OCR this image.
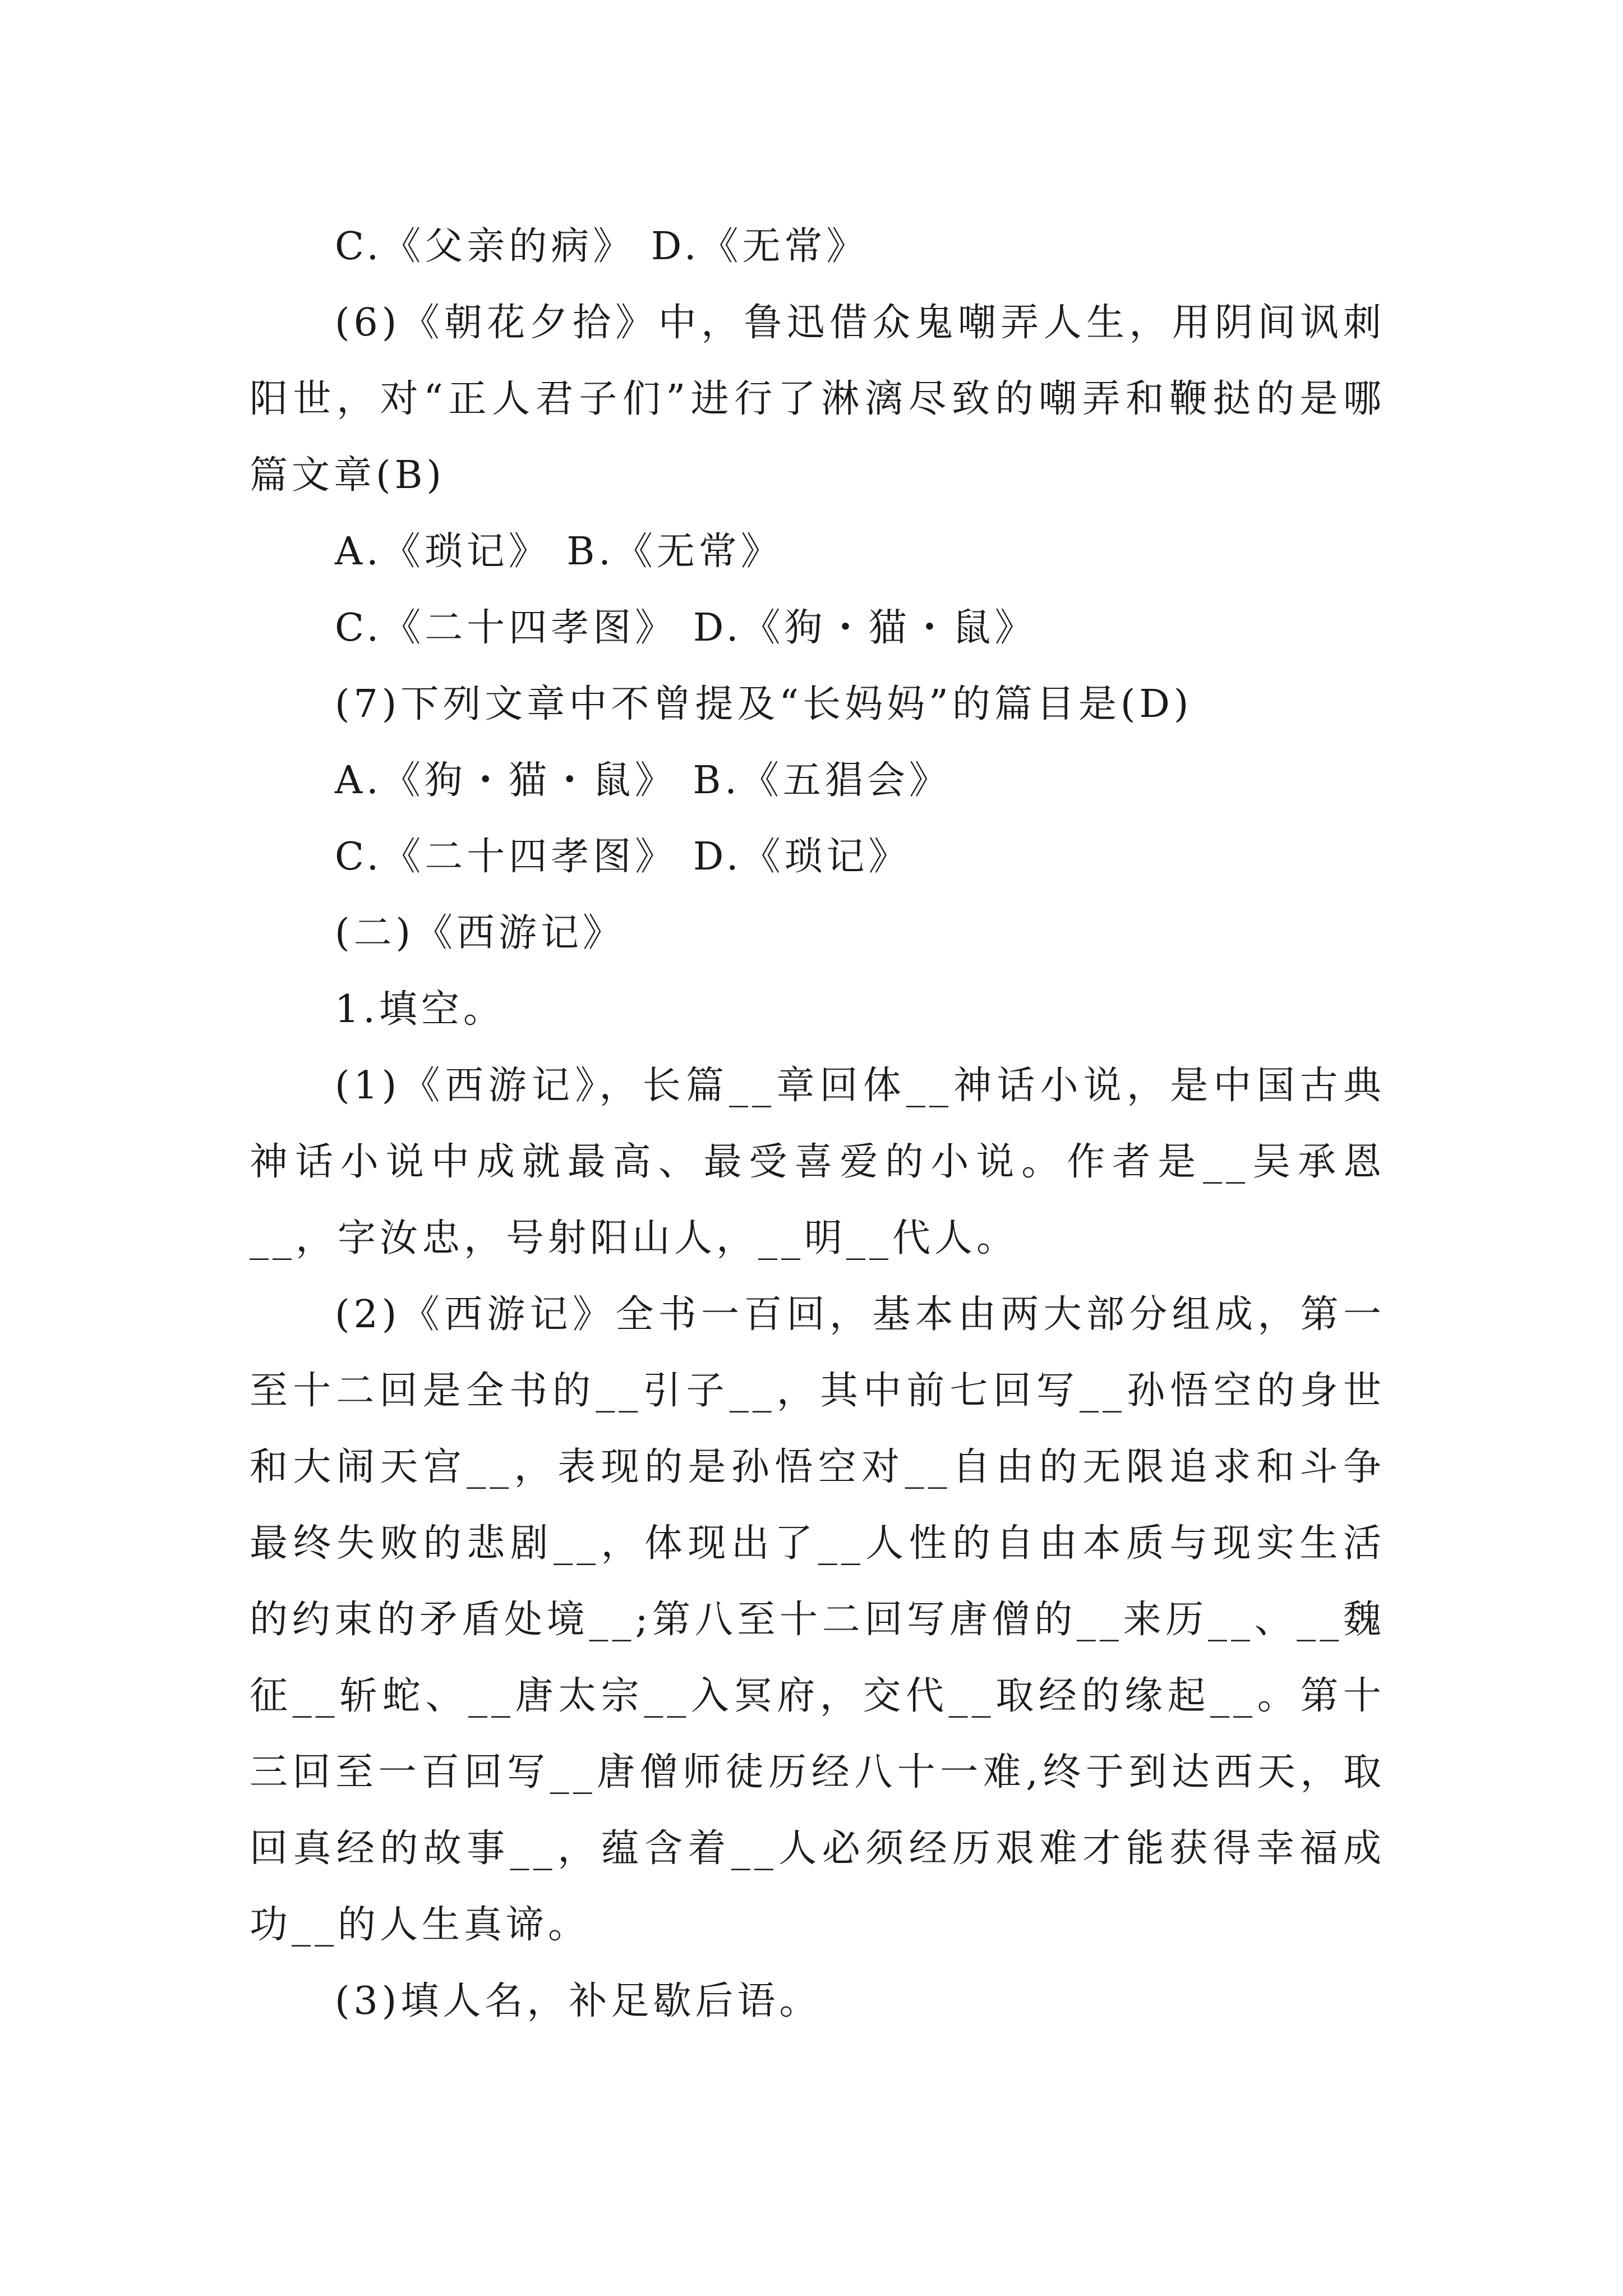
C.《父亲的病》 D.《无常》
(6)《朝花夕拾》中，鲁迅借众鬼嘲弄人生，用阴间讽刺阳世，对“正人君子们”进行了淋漓尽致的嘲弄和鞭挞的是哪篇文章(B)
A.《琐记》 B.《无常》
C.《二十四孝图》 D.《狗・猫・鼠》
(7)下列文章中不曾提及“长妈妈”的篇目是(D)
A.《狗・猫・鼠》 B.《五猖会》
C.《二十四孝图》 D.《琐记》
(二)《西游记》
1.填空。
(1)《西游记》，长篇__章回体__神话小说，是中国古典神话小说中成就最高、最受喜爱的小说。作者是__吴承恩__，字汝忠，号射阳山人，__明__代人。
(2)《西游记》全书一百回，基本由两大部分组成，第一至十二回是全书的__引子__，其中前七回写__孙悟空的身世和大闹天宫__，表现的是孙悟空对__自由的无限追求和斗争最终失败的悲剧__，体现出了__人性的自由本质与现实生活的约束的矛盾处境__;第八至十二回写唐僧的__来历__、__魏征__斩蛇、__唐太宗__入冥府，交代__取经的缘起__。第十三回至一百回写__唐僧师徒历经八十一难,终于到达西天，取回真经的故事__，蕴含着__人必须经历艰难才能获得幸福成功__的人生真谛。
(3)填人名，补足歇后语。
